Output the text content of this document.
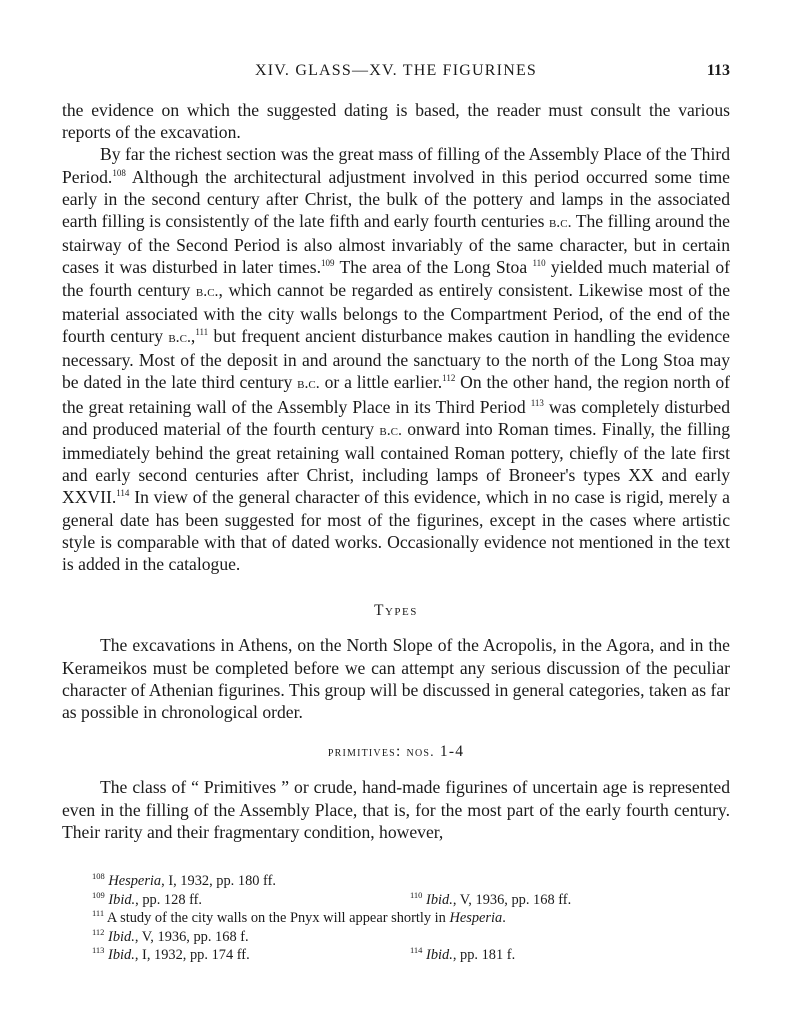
XIV. GLASS—XV. THE FIGURINES	113

the evidence on which the suggested dating is based, the reader must consult the various reports of the excavation.

By far the richest section was the great mass of filling of the Assembly Place of the Third Period.$^{108}$ Although the architectural adjustment involved in this period occurred some time early in the second century after Christ, the bulk of the pottery and lamps in the associated earth filling is consistently of the late fifth and early fourth centuries b.c. The filling around the stairway of the Second Period is also almost invariably of the same character, but in certain cases it was disturbed in later times.$^{109}$ The area of the Long Stoa $^{110}$ yielded much material of the fourth century b.c., which cannot be regarded as entirely consistent. Likewise most of the material associated with the city walls belongs to the Compartment Period, of the end of the fourth century b.c.,$^{111}$ but frequent ancient disturbance makes caution in handling the evidence necessary. Most of the deposit in and around the sanctuary to the north of the Long Stoa may be dated in the late third century b.c. or a little earlier.$^{112}$ On the other hand, the region north of the great retaining wall of the Assembly Place in its Third Period $^{113}$ was completely disturbed and produced material of the fourth century b.c. onward into Roman times. Finally, the filling immediately behind the great retaining wall contained Roman pottery, chiefly of the late first and early second centuries after Christ, including lamps of Broneer's types XX and early XXVII.$^{114}$ In view of the general character of this evidence, which in no case is rigid, merely a general date has been suggested for most of the figurines, except in the cases where artistic style is comparable with that of dated works. Occasionally evidence not mentioned in the text is added in the catalogue.

Types

The excavations in Athens, on the North Slope of the Acropolis, in the Agora, and in the Kerameikos must be completed before we can attempt any serious discussion of the peculiar character of Athenian figurines. This group will be discussed in general categories, taken as far as possible in chronological order.

primitives: nos. 1-4

The class of “ Primitives ” or crude, hand-made figurines of uncertain age is represented even in the filling of the Assembly Place, that is, for the most part of the early fourth century. Their rarity and their fragmentary condition, however,

$^{108}$ Hesperia, I, 1932, pp. 180 ff.
$^{109}$ Ibid., pp. 128 ff.	$^{110}$ Ibid., V, 1936, pp. 168 ff.
$^{111}$ A study of the city walls on the Pnyx will appear shortly in Hesperia.
$^{112}$ Ibid., V, 1936, pp. 168 f.
$^{113}$ Ibid., I, 1932, pp. 174 ff.	$^{114}$ Ibid., pp. 181 f.
